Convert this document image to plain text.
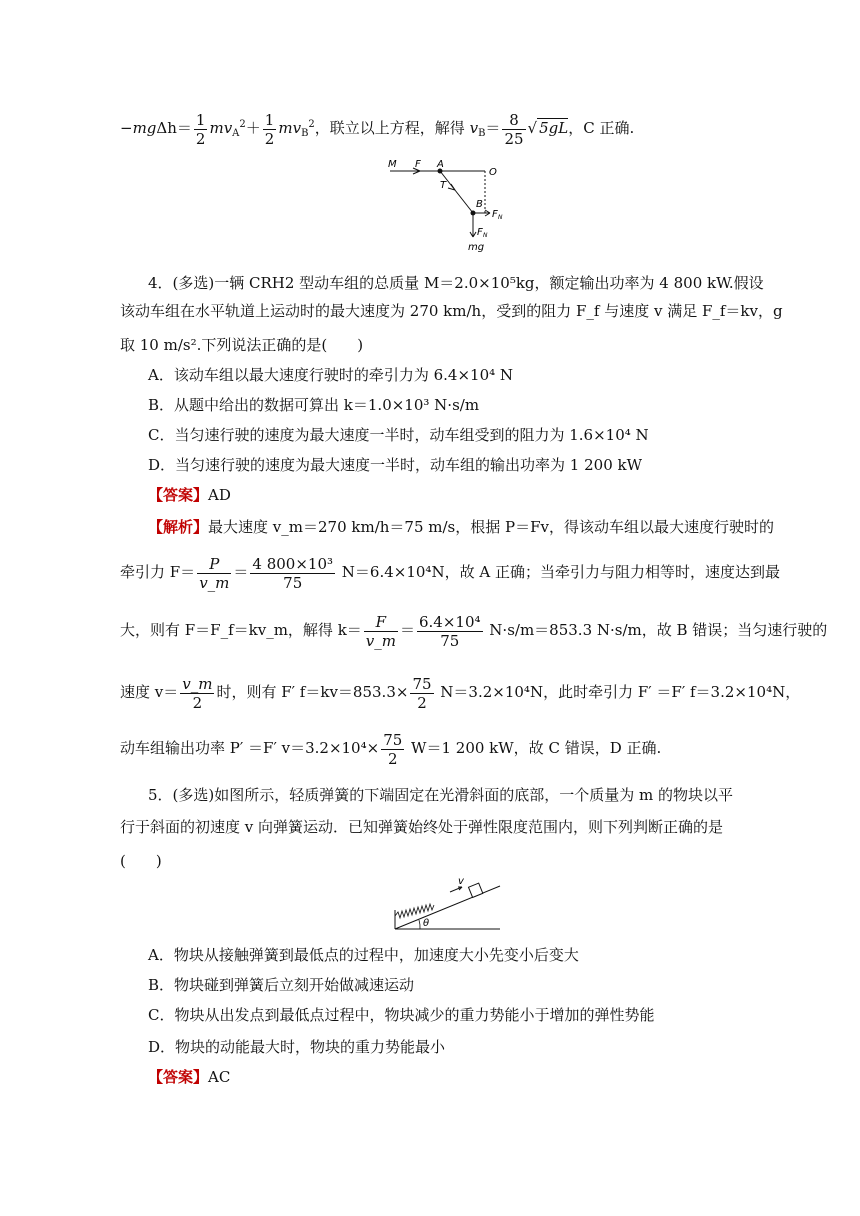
$-mg\Delta h= \frac{1}{2} mv_A^2+ \frac{1}{2} mv_B^2$，联立以上方程，解得 $v_B= \frac{8}{25}$ √ 5gL，C 正确.
M F A
O
T
B
F N
F N
mg
4．(多选)一辆 CRH2 型动车组的总质量 M＝2.0×10⁵kg，额定输出功率为 4 800 kW.假设
该动车组在水平轨道上运动时的最大速度为 270 km/h，受到的阻力 F_f 与速度 v 满足 F_f＝kv，g
取 10 m/s².下列说法正确的是(　　)
A．该动车组以最大速度行驶时的牵引力为 6.4×10⁴ N
B．从题中给出的数据可算出 k＝1.0×10³ N·s/m
C．当匀速行驶的速度为最大速度一半时，动车组受到的阻力为 1.6×10⁴ N
D．当匀速行驶的速度为最大速度一半时，动车组的输出功率为 1 200 kW
【答案】AD
【解析】最大速度 v_m＝270 km/h＝75 m/s，根据 P＝Fv，得该动车组以最大速度行驶时的
牵引力 $F= \frac{P}{v\_m} = \frac{\text{4 800×10³}}{75} N=6.4\times 10^4N$，故 A 正确；当牵引力与阻力相等时，速度达到最
大，则有 F＝F_f＝kv_m，解得 $k= \frac{F}{v\_m} = \frac{\text{6.4×10⁴}}{75} N\cdot s/m=853.3$ N·s/m，故 B 错误；当匀速行驶的
速度 $v= \frac{v\_m}{2}$ 时，则有 F′ $f=kv=853.3\times \frac{75}{2} N=3.2\times 10^4N$，此时牵引力 F′ ＝F′ f＝3.2×10⁴N，
动车组输出功率 P′ ＝F′ $v=3.2\times 10^4\times \frac{75}{2} W=1$ 200 kW，故 C 错误，D 正确.
5．(多选)如图所示，轻质弹簧的下端固定在光滑斜面的底部，一个质量为 m 的物块以平
行于斜面的初速度 v 向弹簧运动．已知弹簧始终处于弹性限度范围内，则下列判断正确的是
(　　)
v
θ
A．物块从接触弹簧到最低点的过程中，加速度大小先变小后变大
B．物块碰到弹簧后立刻开始做减速运动
C．物块从出发点到最低点过程中，物块减少的重力势能小于增加的弹性势能
D．物块的动能最大时，物块的重力势能最小
【答案】AC
